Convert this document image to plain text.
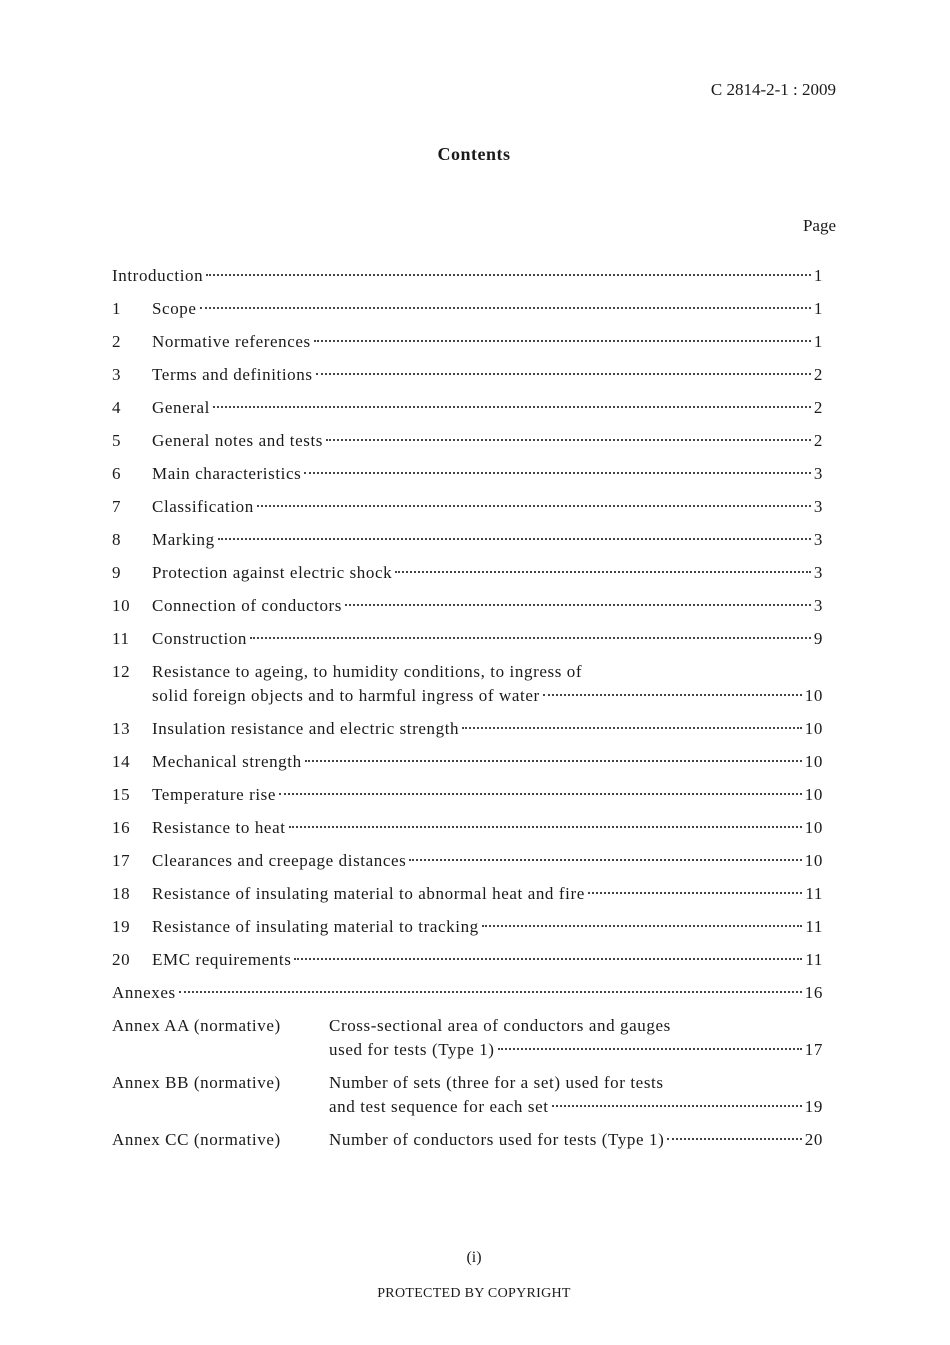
C 2814-2-1 : 2009
Contents
Page
Introduction	1
1	Scope	1
2	Normative references	1
3	Terms and definitions	2
4	General	2
5	General notes and tests	2
6	Main characteristics	3
7	Classification	3
8	Marking	3
9	Protection against electric shock	3
10	Connection of conductors	3
11	Construction	9
12	Resistance to ageing, to humidity conditions, to ingress of
solid foreign objects and to harmful ingress of water	10
13	Insulation resistance and electric strength	10
14	Mechanical strength	10
15	Temperature rise	10
16	Resistance to heat	10
17	Clearances and creepage distances	10
18	Resistance of insulating material to abnormal heat and fire	11
19	Resistance of insulating material to tracking	11
20	EMC requirements	11
Annexes	16
Annex AA (normative)	Cross-sectional area of conductors and gauges
used for tests (Type 1)	17
Annex BB (normative)	Number of sets (three for a set) used for tests
and test sequence for each set	19
Annex CC (normative)	Number of conductors used for tests (Type 1)	20
(i)
PROTECTED BY COPYRIGHT
